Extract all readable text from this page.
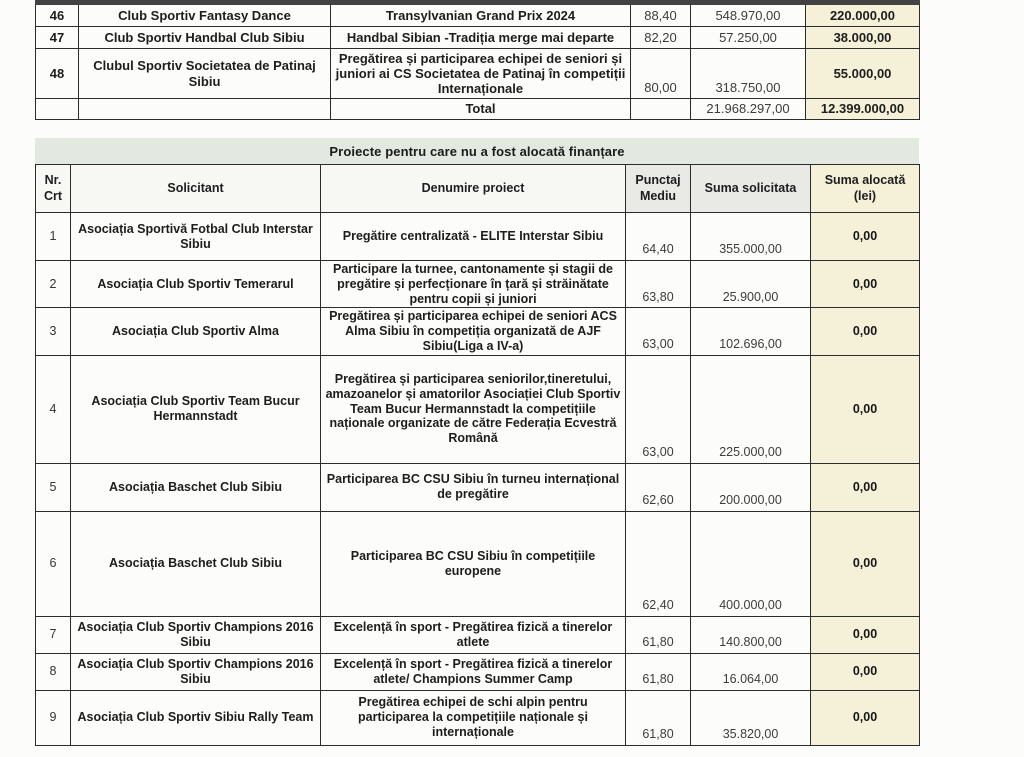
46	Club Sportiv Fantasy Dance	Transylvanian Grand Prix 2024	88,40	548.970,00	220.000,00
47	Club Sportiv Handbal Club Sibiu	Handbal Sibian -Tradiția merge mai departe	82,20	57.250,00	38.000,00
48	Clubul Sportiv Societatea de Patinaj Sibiu	Pregătirea și participarea echipei de seniori și juniori ai CS Societatea de Patinaj în competiții Internaționale	80,00	318.750,00	55.000,00
		Total		21.968.297,00	12.399.000,00
Proiecte pentru care nu a fost alocată finanțare
Nr. Crt	Solicitant	Denumire proiect	Punctaj Mediu	Suma solicitata	Suma alocată (lei)
1	Asociația Sportivă Fotbal Club Interstar Sibiu	Pregătire centralizată - ELITE Interstar Sibiu	64,40	355.000,00	0,00
2	Asociația Club Sportiv Temerarul	Participare la turnee, cantonamente și stagii de pregătire și perfecționare în țară și străinătate pentru copii și juniori	63,80	25.900,00	0,00
3	Asociația Club Sportiv Alma	Pregătirea și participarea echipei de seniori ACS Alma Sibiu în competiția organizată de AJF Sibiu(Liga a IV-a)	63,00	102.696,00	0,00
4	Asociația Club Sportiv Team Bucur Hermannstadt	Pregătirea și participarea seniorilor,tineretului, amazoanelor și amatorilor Asociației Club Sportiv Team Bucur Hermannstadt la competițiile naționale organizate de către Federația Ecvestră Română	63,00	225.000,00	0,00
5	Asociația Baschet Club Sibiu	Participarea BC CSU Sibiu în turneu internațional de pregătire	62,60	200.000,00	0,00
6	Asociația Baschet Club Sibiu	Participarea BC CSU Sibiu în competițiile europene	62,40	400.000,00	0,00
7	Asociația Club Sportiv Champions 2016 Sibiu	Excelență în sport - Pregătirea fizică a tinerelor atlete	61,80	140.800,00	0,00
8	Asociația Club Sportiv Champions 2016 Sibiu	Excelență în sport - Pregătirea fizică a tinerelor atlete/ Champions Summer Camp	61,80	16.064,00	0,00
9	Asociația Club Sportiv Sibiu Rally Team	Pregătirea echipei de schi alpin pentru participarea la competițiile naționale și internaționale	61,80	35.820,00	0,00
